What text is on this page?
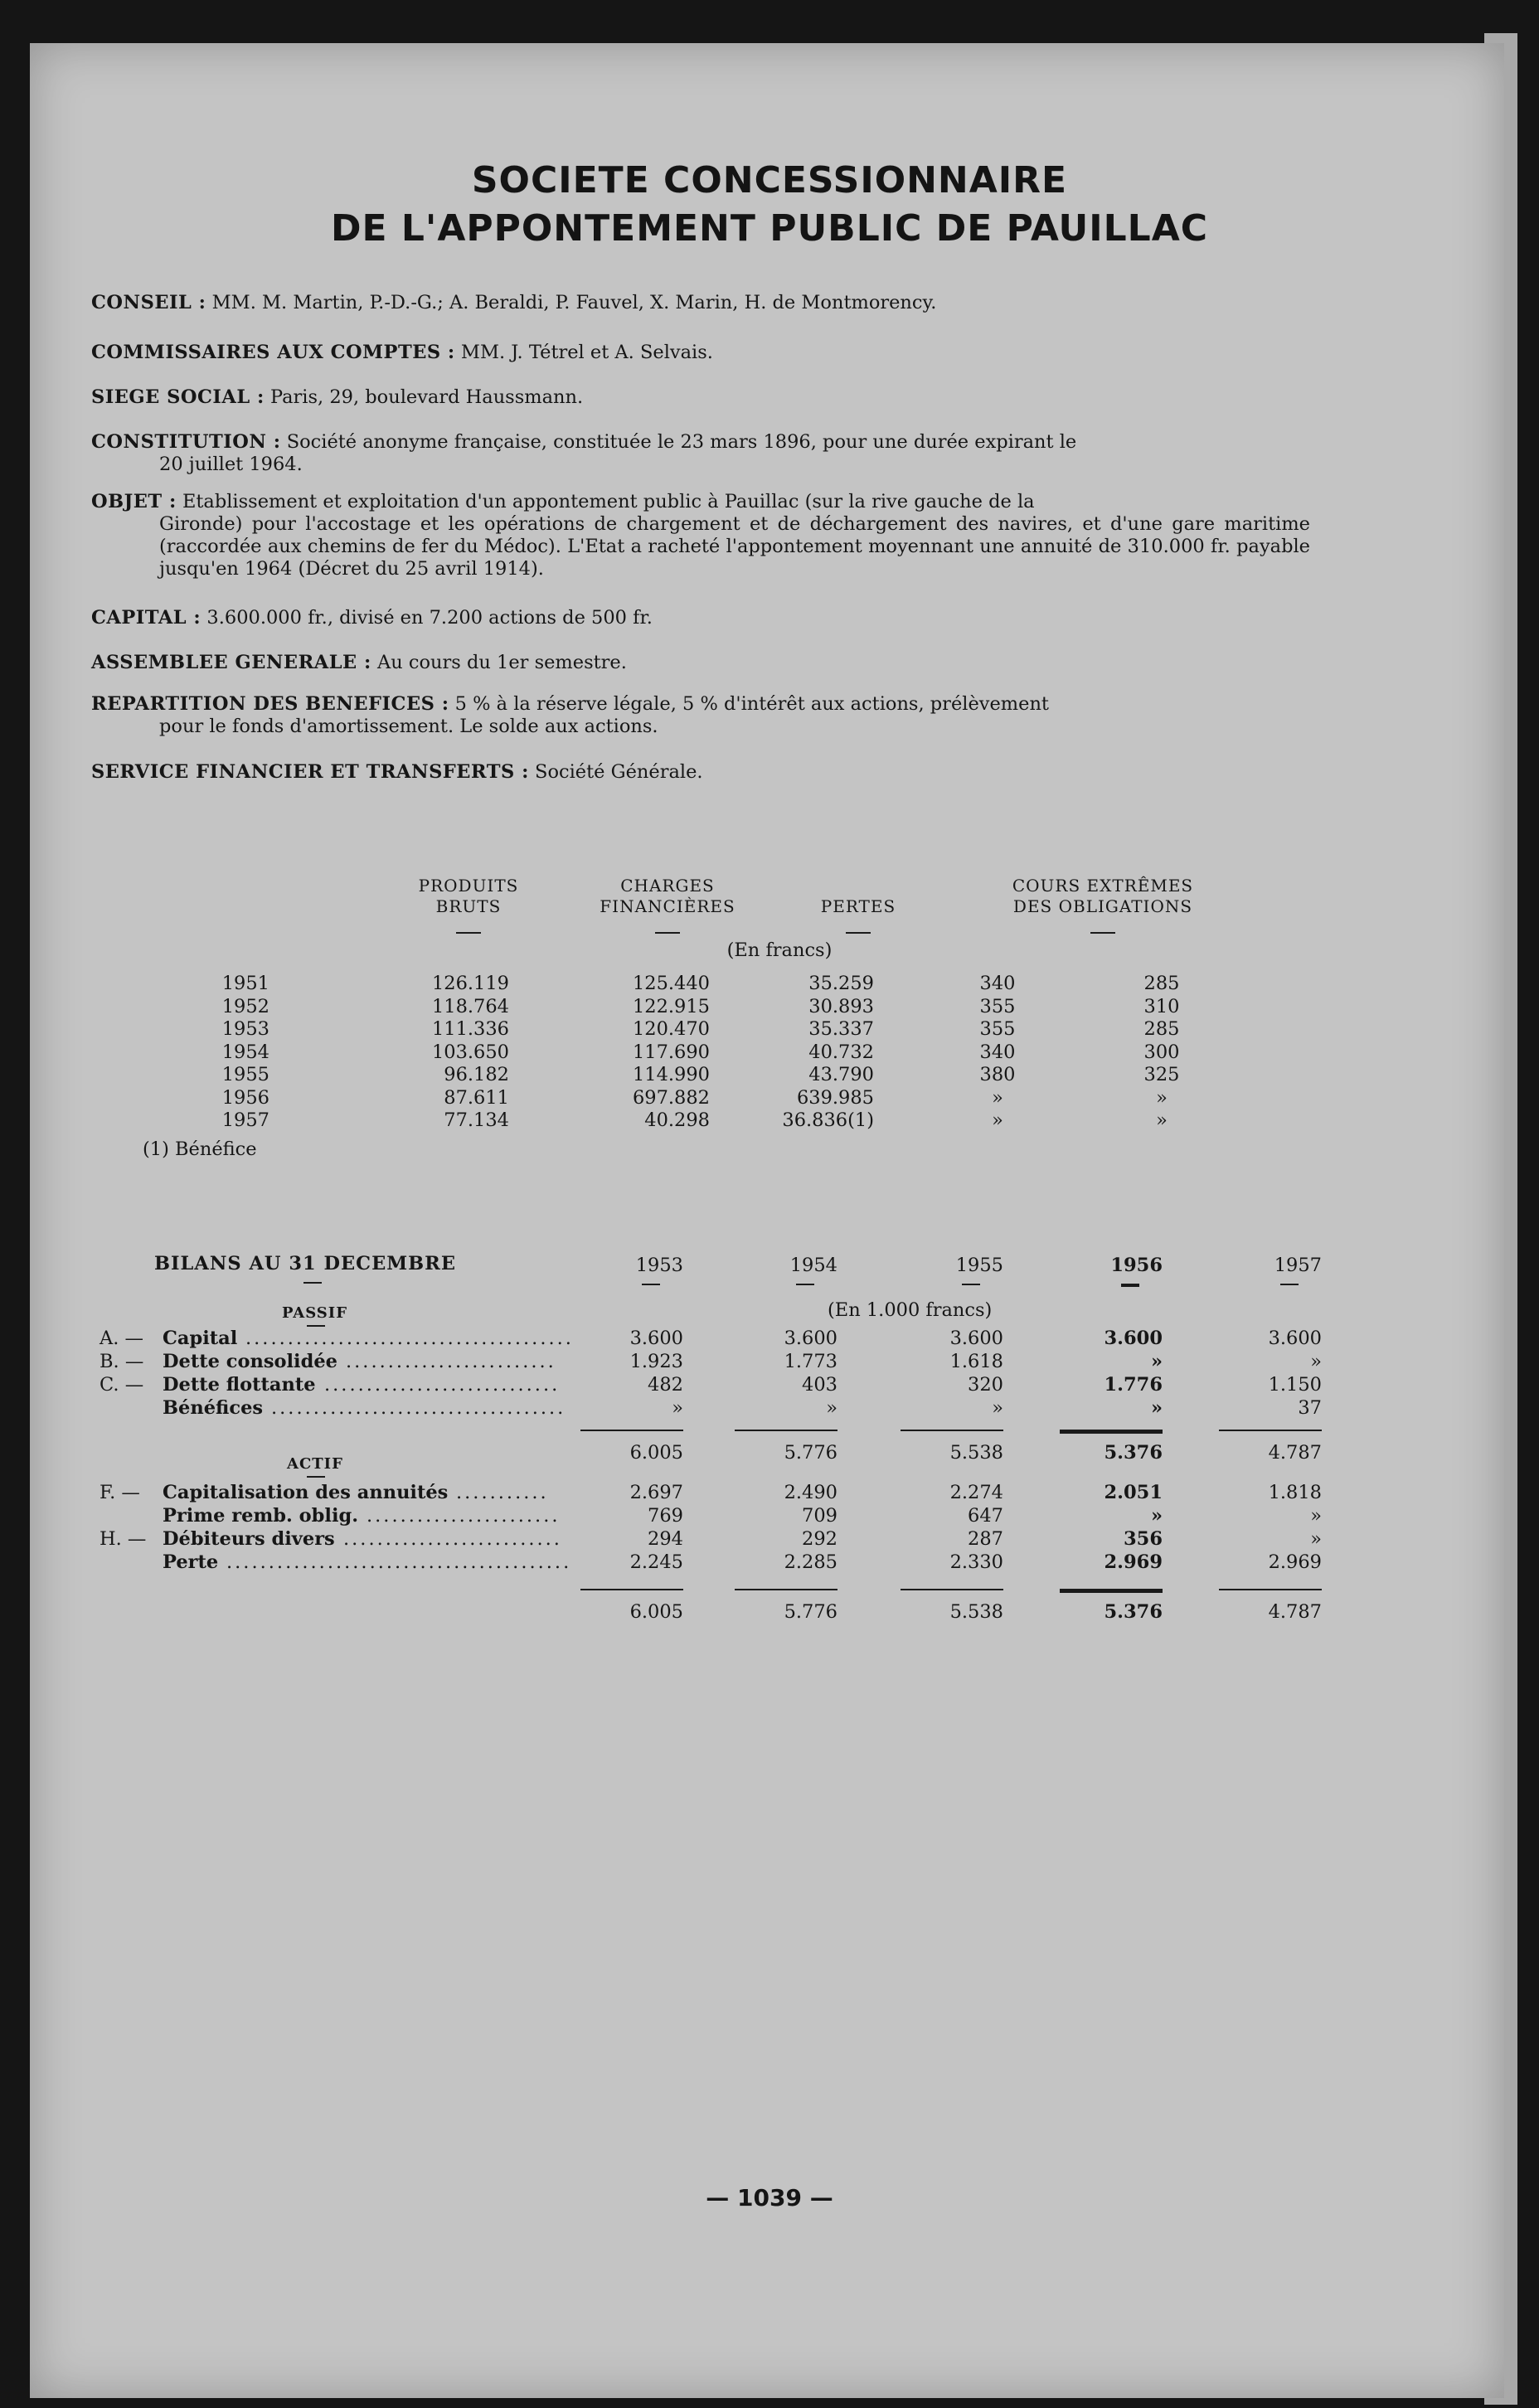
SOCIETE CONCESSIONNAIRE
DE L'APPONTEMENT PUBLIC DE PAUILLAC
CONSEIL : MM. M. Martin, P.-D.-G.; A. Beraldi, P. Fauvel, X. Marin, H. de Montmorency.
COMMISSAIRES AUX COMPTES : MM. J. Tétrel et A. Selvais.
SIEGE SOCIAL : Paris, 29, boulevard Haussmann.
CONSTITUTION : Société anonyme française, constituée le 23 mars 1896, pour une durée expirant le
20 juillet 1964.
OBJET : Etablissement et exploitation d'un appontement public à Pauillac (sur la rive gauche de la
Gironde) pour l'accostage et les opérations de chargement et de déchargement des navires, et d'une gare maritime (raccordée aux chemins de fer du Médoc). L'Etat a racheté l'appontement moyennant une annuité de 310.000 fr. payable jusqu'en 1964 (Décret du 25 avril 1914).
CAPITAL : 3.600.000 fr., divisé en 7.200 actions de 500 fr.
ASSEMBLEE GENERALE : Au cours du 1er semestre.
REPARTITION DES BENEFICES : 5 % à la réserve légale, 5 % d'intérêt aux actions, prélèvement
pour le fonds d'amortissement. Le solde aux actions.
SERVICE FINANCIER ET TRANSFERTS : Société Générale.
PRODUITS
BRUTS
CHARGES
FINANCIÈRES	PERTES
COURS EXTRÊMES
DES OBLIGATIONS
(En francs)
1951	126.119	125.440	35.259	340	285
1952	118.764	122.915	30.893	355	310
1953	111.336	120.470	35.337	355	285
1954	103.650	117.690	40.732	340	300
1955	96.182	114.990	43.790	380	325
1956	87.611	697.882	639.985	»	»
1957	77.134	40.298	36.836(1)	»	»
(1) Bénéfice
BILANS AU 31 DECEMBRE	1953	1954	1955	1956	1957
PASSIF	(En 1.000 francs)
A. — Capital .......................................	3.600	3.600	3.600	3.600	3.600
B. — Dette consolidée .........................	1.923	1.773	1.618	»	»
C. — Dette flottante ............................	482	403	320	1.776	1.150
Bénéfices ...................................	»	»	»	»	37
6.005	5.776	5.538	5.376	4.787
ACTIF
F. — Capitalisation des annuités ...........	2.697	2.490	2.274	2.051	1.818
Prime remb. oblig. .......................	769	709	647	»	»
H. — Débiteurs divers ..........................	294	292	287	356	»
Perte .........................................	2.245	2.285	2.330	2.969	2.969
6.005	5.776	5.538	5.376	4.787
— 1039 —
